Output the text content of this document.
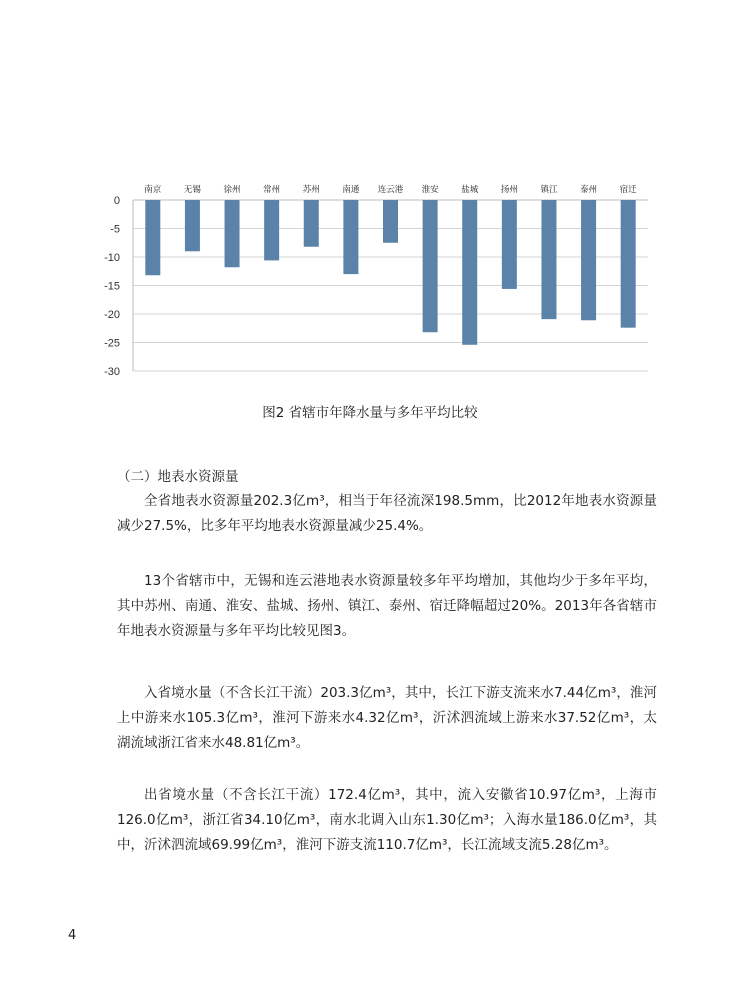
南京	无锡	徐州	常州	苏州	南通 连云港 淮安	盐城	扬州	镇江	泰州	宿迁
0
-5
-10
-15
-20
-25
-30
图2 省辖市年降水量与多年平均比较
（二）地表水资源量

全省地表水资源量202.3亿m³，相当于年径流深198.5mm，比2012年地表水资源量减少27.5%，比多年平均地表水资源量减少25.4%。

13个省辖市中，无锡和连云港地表水资源量较多年平均增加，其他均少于多年平均，其中苏州、南通、淮安、盐城、扬州、镇江、泰州、宿迁降幅超过20%。2013年各省辖市年地表水资源量与多年平均比较见图3。

入省境水量（不含长江干流）203.3亿m³，其中，长江下游支流来水7.44亿m³，淮河上中游来水105.3亿m³，淮河下游来水4.32亿m³，沂沭泗流域上游来水37.52亿m³，太湖流域浙江省来水48.81亿m³。

出省境水量（不含长江干流）172.4亿m³，其中，流入安徽省10.97亿m³，上海市126.0亿m³，浙江省34.10亿m³，南水北调入山东1.30亿m³；入海水量186.0亿m³，其中，沂沭泗流域69.99亿m³，淮河下游支流110.7亿m³，长江流域支流5.28亿m³。

4
